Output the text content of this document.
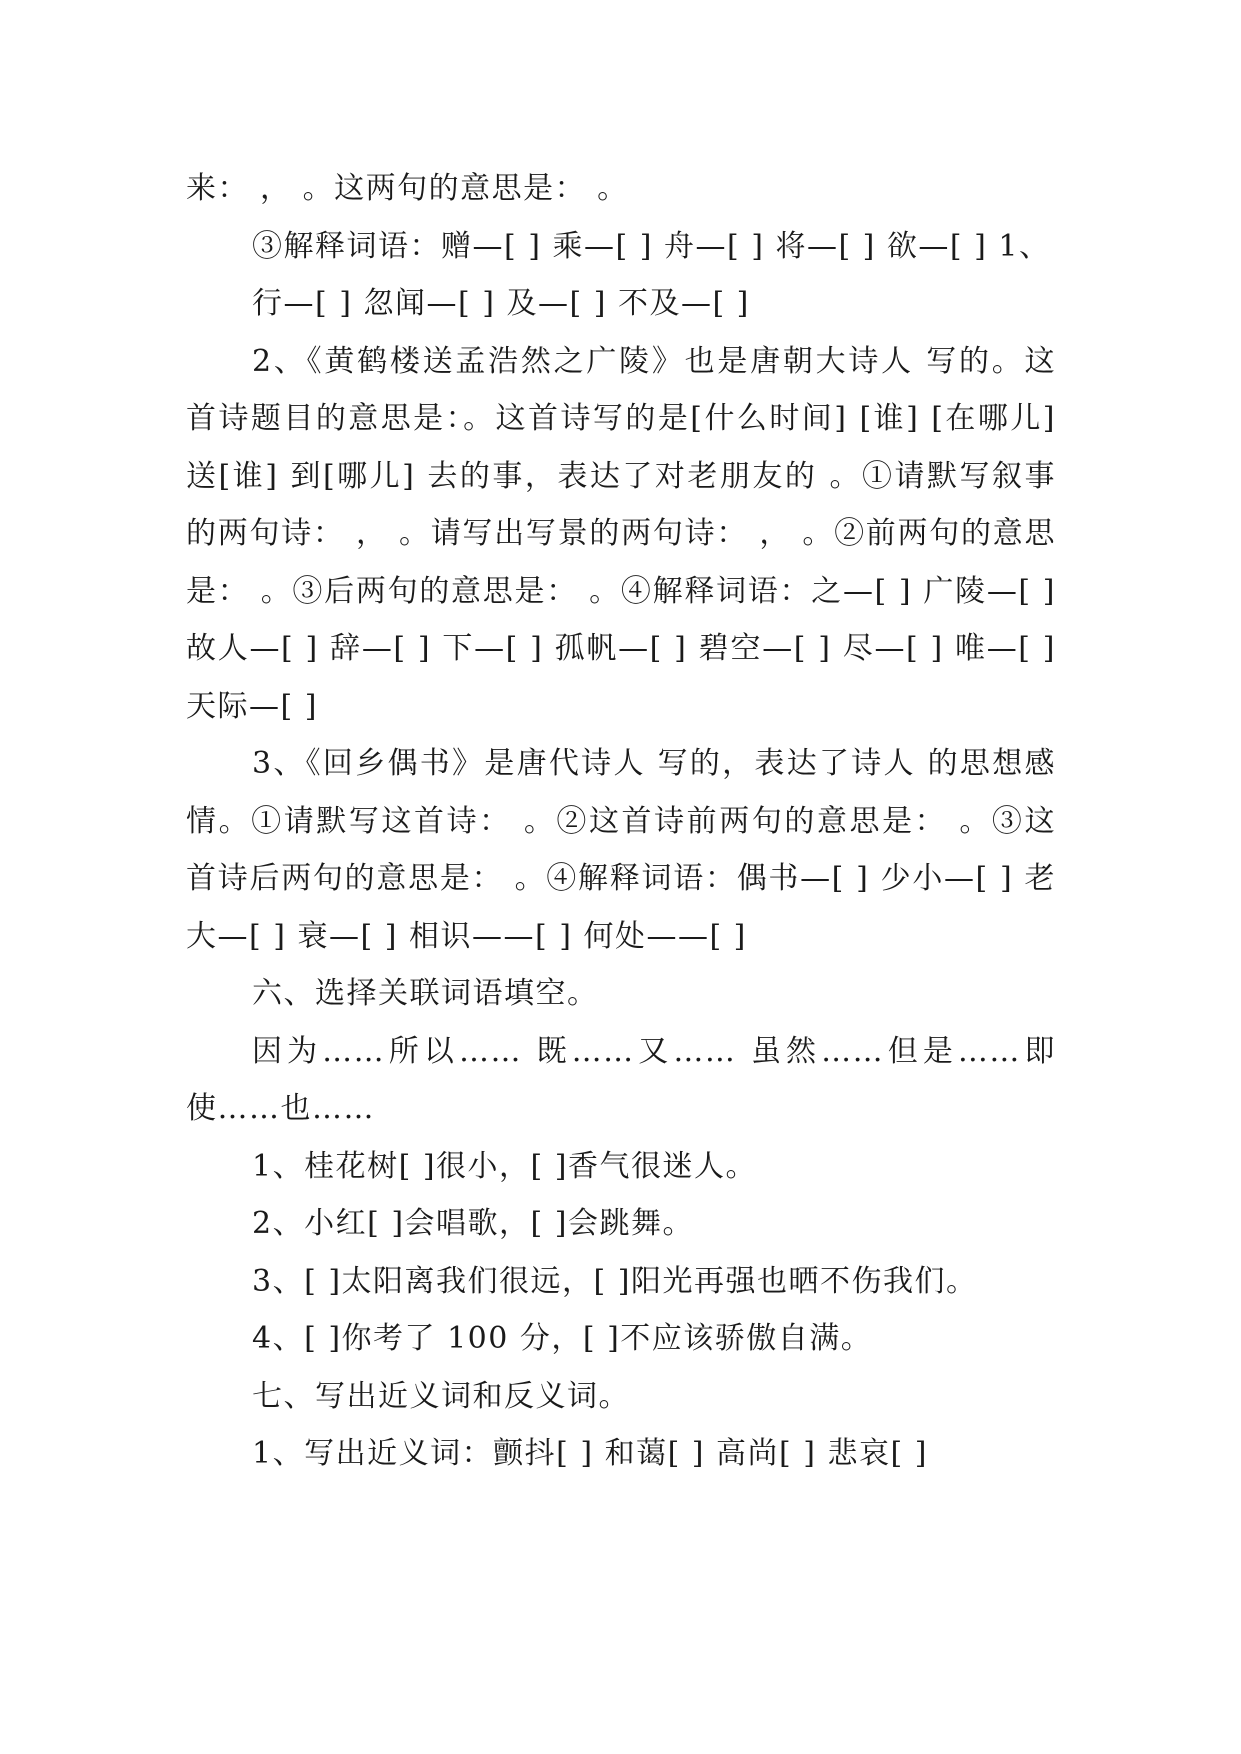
来： ， 。这两句的意思是： 。

③解释词语：赠—[ ] 乘—[ ] 舟—[ ] 将—[ ] 欲—[ ] 1、

行—[ ] 忽闻—[ ] 及—[ ] 不及—[ ]

2、《黄鹤楼送孟浩然之广陵》也是唐朝大诗人 写的。这首诗题目的意思是：。这首诗写的是[什么时间] [谁] [在哪儿] 送[谁] 到[哪儿] 去的事，表达了对老朋友的 。①请默写叙事的两句诗： ， 。请写出写景的两句诗： ， 。②前两句的意思是： 。③后两句的意思是： 。④解释词语：之—[ ] 广陵—[ ] 故人—[ ] 辞—[ ] 下—[ ] 孤帆—[ ] 碧空—[ ] 尽—[ ] 唯—[ ] 天际—[ ]

3、《回乡偶书》是唐代诗人 写的，表达了诗人 的思想感情。①请默写这首诗： 。②这首诗前两句的意思是： 。③这首诗后两句的意思是： 。④解释词语：偶书—[ ] 少小—[ ] 老大—[ ] 衰—[ ] 相识——[ ] 何处——[ ]

六、选择关联词语填空。

因为……所以…… 既……又…… 虽然……但是……即使……也……

1、桂花树[ ]很小，[ ]香气很迷人。

2、小红[ ]会唱歌，[ ]会跳舞。

3、[ ]太阳离我们很远，[ ]阳光再强也晒不伤我们。

4、[ ]你考了 100 分，[ ]不应该骄傲自满。

七、写出近义词和反义词。

1、写出近义词：颤抖[ ] 和蔼[ ] 高尚[ ] 悲哀[ ]
